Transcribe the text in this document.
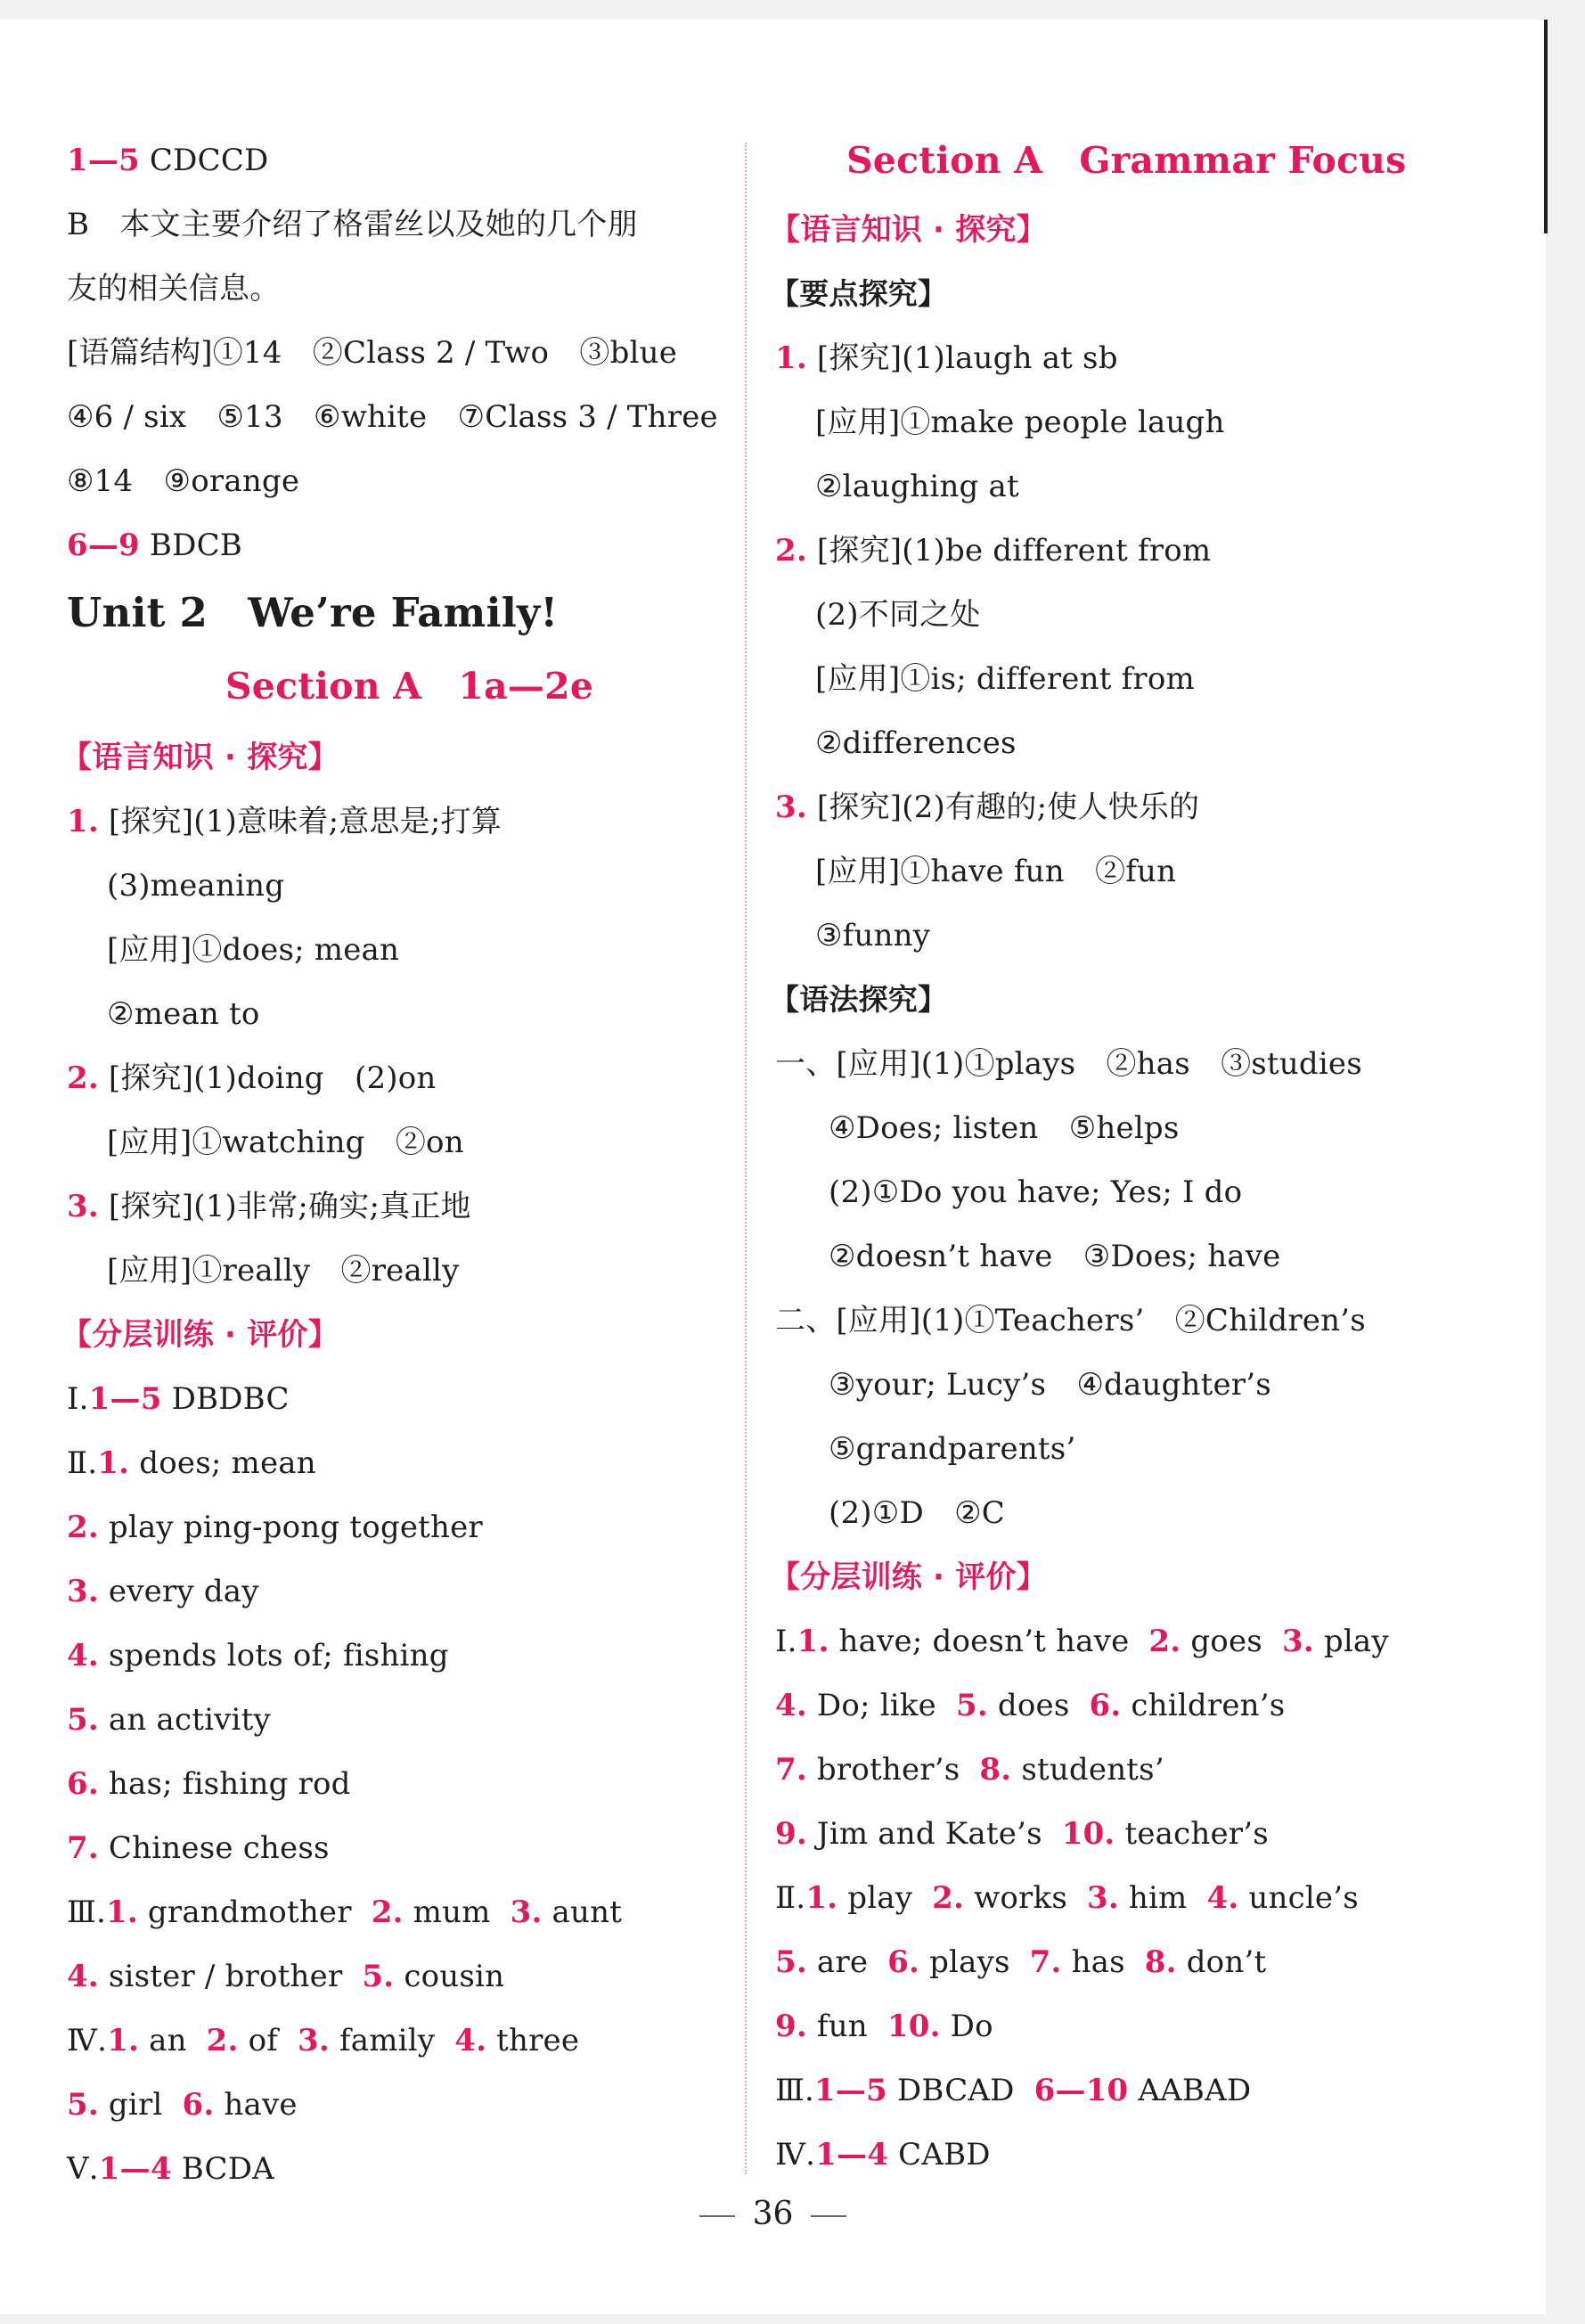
1—5 CDCCD
B　本文主要介绍了格雷丝以及她的几个朋
友的相关信息。
[语篇结构]①14　②Class 2 / Two　③blue
④6 / six　⑤13　⑥white　⑦Class 3 / Three
⑧14　⑨orange
6—9 BDCB
Unit 2　We’re Family!
Section A　1a—2e
【语言知识 · 探究】
1. [探究](1)意味着;意思是;打算
(3)meaning
[应用]①does; mean
②mean to
2. [探究](1)doing　(2)on
[应用]①watching　②on
3. [探究](1)非常;确实;真正地
[应用]①really　②really
【分层训练 · 评价】
Ⅰ.1—5 DBDBC
Ⅱ.1. does; mean
2. play ping-pong together
3. every day
4. spends lots of; fishing
5. an activity
6. has; fishing rod
7. Chinese chess
Ⅲ.1. grandmother 2. mum 3. aunt
4. sister / brother 5. cousin
Ⅳ.1. an 2. of 3. family 4. three
5. girl 6. have
Ⅴ.1—4 BCDA
Section A　Grammar Focus
【语言知识 · 探究】
【要点探究】
1. [探究](1)laugh at sb
[应用]①make people laugh
②laughing at
2. [探究](1)be different from
(2)不同之处
[应用]①is; different from
②differences
3. [探究](2)有趣的;使人快乐的
[应用]①have fun　②fun
③funny
【语法探究】
一、[应用](1)①plays　②has　③studies
④Does; listen　⑤helps
(2)①Do you have; Yes; I do
②doesn’t have　③Does; have
二、[应用](1)①Teachers’　②Children’s
③your; Lucy’s　④daughter’s
⑤grandparents’
(2)①D　②C
【分层训练 · 评价】
Ⅰ.1. have; doesn’t have 2. goes 3. play
4. Do; like 5. does 6. children’s
7. brother’s 8. students’
9. Jim and Kate’s 10. teacher’s
Ⅱ.1. play 2. works 3. him 4. uncle’s
5. are 6. plays 7. has 8. don’t
9. fun 10. Do
Ⅲ.1—5 DBCAD 6—10 AABAD
Ⅳ.1—4 CABD
36
